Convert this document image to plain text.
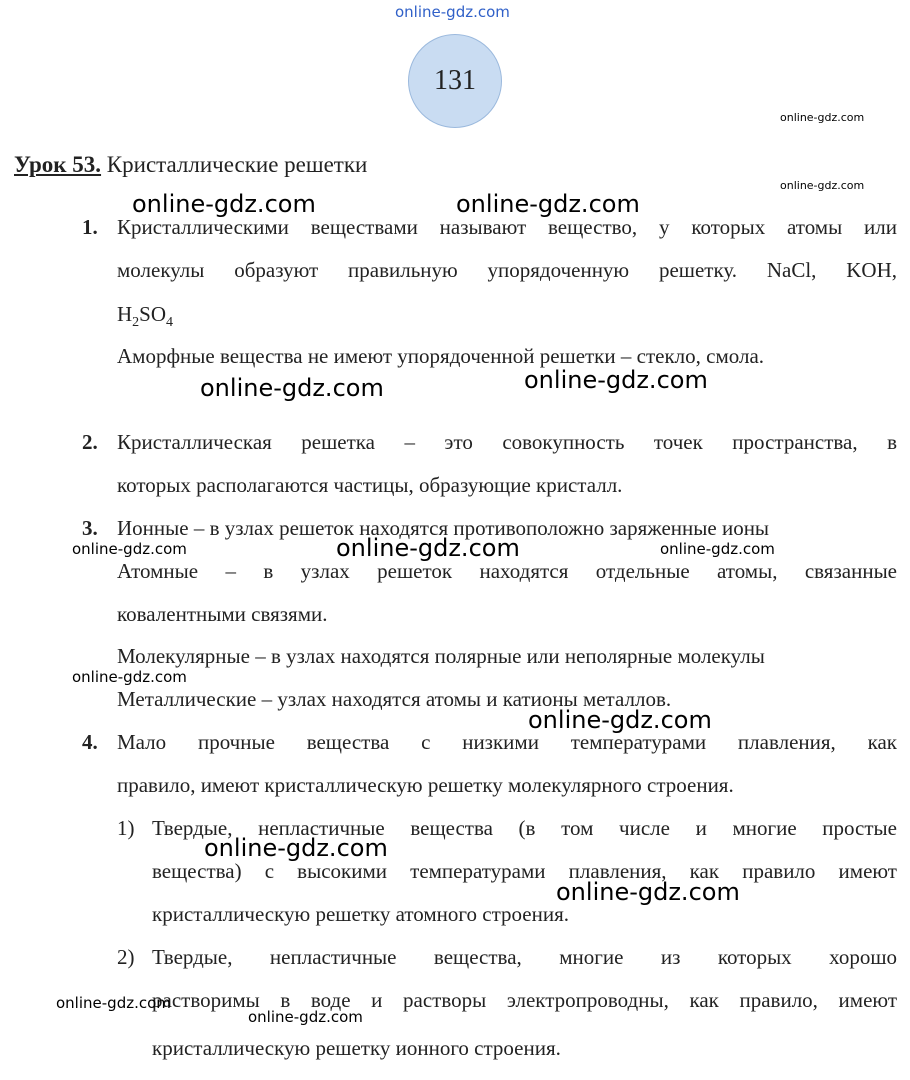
online-gdz.com
131
Урок 53. Кристаллические решетки
1. Кристаллическими веществами называют вещество, у которых атомы или
молекулы образуют правильную упорядоченную решетку. NaCl, KOH,
$H_2SO_4$
Аморфные вещества не имеют упорядоченной решетки – стекло, смола.
2. Кристаллическая решетка – это совокупность точек пространства, в
которых располагаются частицы, образующие кристалл.
3. Ионные – в узлах решеток находятся противоположно заряженные ионы
Атомные – в узлах решеток находятся отдельные атомы, связанные
ковалентными связями.
Молекулярные – в узлах находятся полярные или неполярные молекулы
Металлические – узлах находятся атомы и катионы металлов.
4. Мало прочные вещества с низкими температурами плавления, как
правило, имеют кристаллическую решетку молекулярного строения.
1) Твердые, непластичные вещества (в том числе и многие простые
вещества) с высокими температурами плавления, как правило имеют
кристаллическую решетку атомного строения.
2) Твердые, непластичные вещества, многие из которых хорошо
растворимы в воде и растворы электропроводны, как правило, имеют
кристаллическую решетку ионного строения.
online-gdz.com
online-gdz.com
online-gdz.com	online-gdz.com
online-gdz.com	online-gdz.com
online-gdz.com	online-gdz.com	online-gdz.com
online-gdz.com
online-gdz.com
online-gdz.com
online-gdz.com
online-gdz.com
online-gdz.com
